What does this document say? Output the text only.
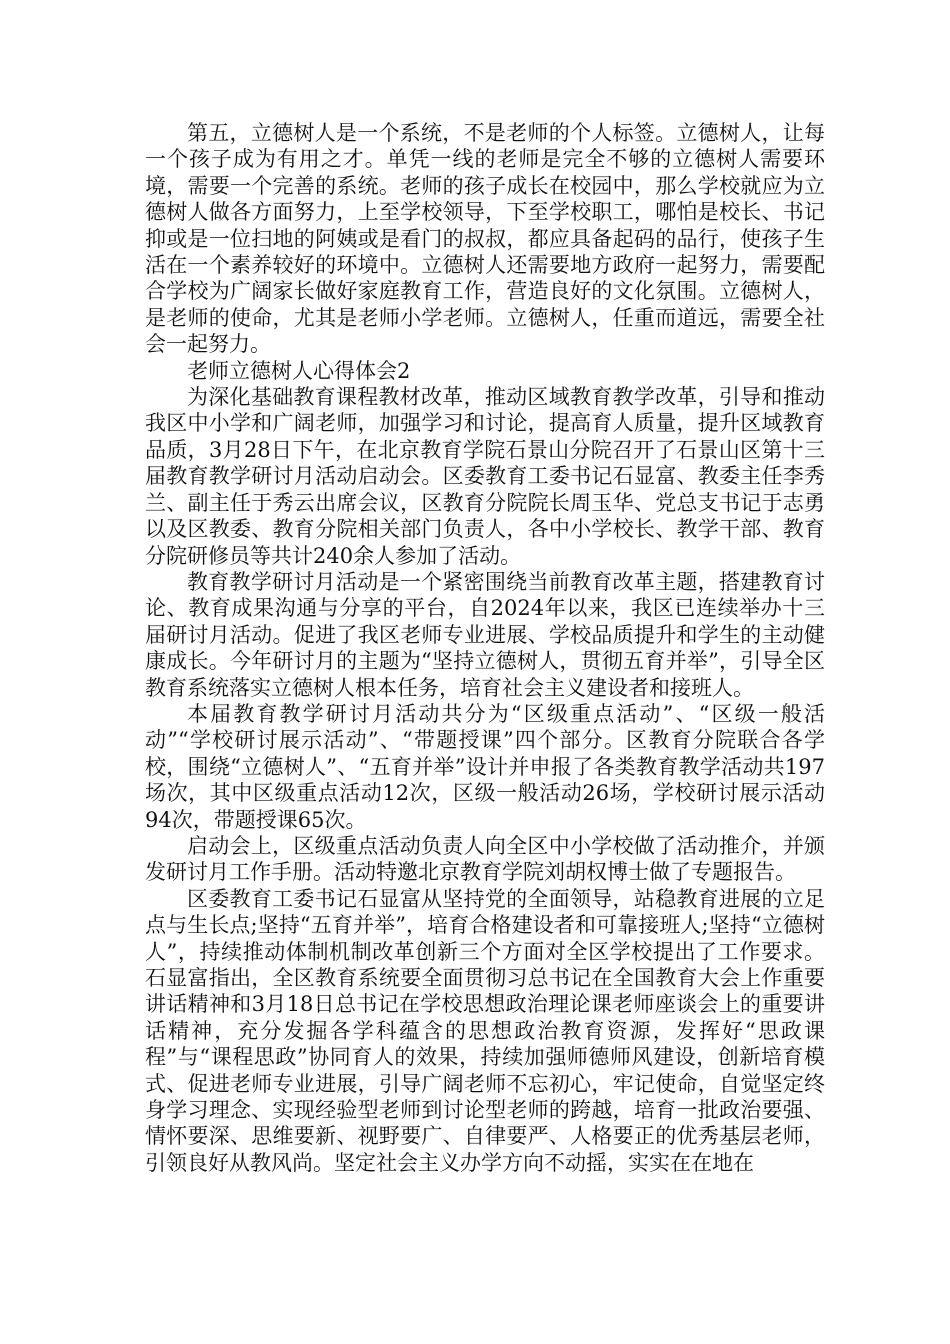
第五，立德树人是一个系统，不是老师的个人标签。立德树人，让每一个孩子成为有用之才。单凭一线的老师是完全不够的立德树人需要环境，需要一个完善的系统。老师的孩子成长在校园中，那么学校就应为立德树人做各方面努力，上至学校领导，下至学校职工，哪怕是校长、书记抑或是一位扫地的阿姨或是看门的叔叔，都应具备起码的品行，使孩子生活在一个素养较好的环境中。立德树人还需要地方政府一起努力，需要配合学校为广阔家长做好家庭教育工作，营造良好的文化氛围。立德树人，是老师的使命，尤其是老师小学老师。立德树人，任重而道远，需要全社会一起努力。

老师立德树人心得体会2

为深化基础教育课程教材改革，推动区域教育教学改革，引导和推动我区中小学和广阔老师，加强学习和讨论，提高育人质量，提升区域教育品质，3月28日下午，在北京教育学院石景山分院召开了石景山区第十三届教育教学研讨月活动启动会。区委教育工委书记石显富、教委主任李秀兰、副主任于秀云出席会议，区教育分院院长周玉华、党总支书记于志勇以及区教委、教育分院相关部门负责人，各中小学校长、教学干部、教育分院研修员等共计240余人参加了活动。

教育教学研讨月活动是一个紧密围绕当前教育改革主题，搭建教育讨论、教育成果沟通与分享的平台，自2024年以来，我区已连续举办十三届研讨月活动。促进了我区老师专业进展、学校品质提升和学生的主动健康成长。今年研讨月的主题为“坚持立德树人，贯彻五育并举”，引导全区教育系统落实立德树人根本任务，培育社会主义建设者和接班人。

本届教育教学研讨月活动共分为“区级重点活动”、“区级一般活动”“学校研讨展示活动”、“带题授课”四个部分。区教育分院联合各学校，围绕“立德树人”、“五育并举”设计并申报了各类教育教学活动共197场次，其中区级重点活动12次，区级一般活动26场，学校研讨展示活动94次，带题授课65次。

启动会上，区级重点活动负责人向全区中小学校做了活动推介，并颁发研讨月工作手册。活动特邀北京教育学院刘胡权博士做了专题报告。

区委教育工委书记石显富从坚持党的全面领导，站稳教育进展的立足点与生长点;坚持“五育并举”，培育合格建设者和可靠接班人;坚持“立德树人”，持续推动体制机制改革创新三个方面对全区学校提出了工作要求。石显富指出，全区教育系统要全面贯彻习总书记在全国教育大会上作重要讲话精神和3月18日总书记在学校思想政治理论课老师座谈会上的重要讲话精神，充分发掘各学科蕴含的思想政治教育资源，发挥好“思政课程”与“课程思政”协同育人的效果，持续加强师德师风建设，创新培育模式、促进老师专业进展，引导广阔老师不忘初心，牢记使命，自觉坚定终身学习理念、实现经验型老师到讨论型老师的跨越，培育一批政治要强、情怀要深、思维要新、视野要广、自律要严、人格要正的优秀基层老师，引领良好从教风尚。坚定社会主义办学方向不动摇，实实在在地在
